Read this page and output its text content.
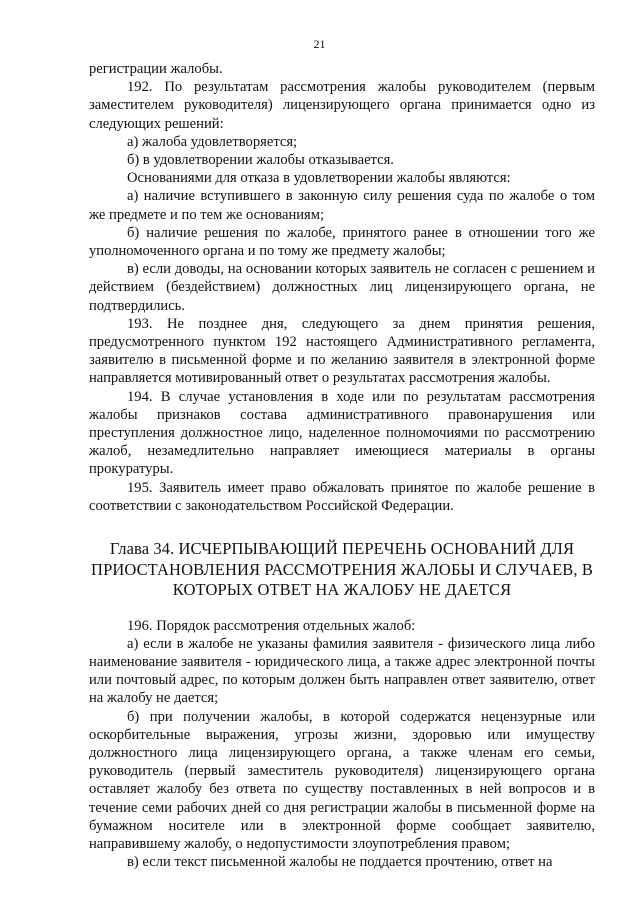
21

регистрации жалобы.

192. По результатам рассмотрения жалобы руководителем (первым заместителем руководителя) лицензирующего органа принимается одно из следующих решений:

а) жалоба удовлетворяется;

б) в удовлетворении жалобы отказывается.

Основаниями для отказа в удовлетворении жалобы являются:

а) наличие вступившего в законную силу решения суда по жалобе о том же предмете и по тем же основаниям;

б) наличие решения по жалобе, принятого ранее в отношении того же уполномоченного органа и по тому же предмету жалобы;

в) если доводы, на основании которых заявитель не согласен с решением и действием (бездействием) должностных лиц лицензирующего органа, не подтвердились.

193. Не позднее дня, следующего за днем принятия решения, предусмотренного пунктом 192 настоящего Административного регламента, заявителю в письменной форме и по желанию заявителя в электронной форме направляется мотивированный ответ о результатах рассмотрения жалобы.

194. В случае установления в ходе или по результатам рассмотрения жалобы признаков состава административного правонарушения или преступления должностное лицо, наделенное полномочиями по рассмотрению жалоб, незамедлительно направляет имеющиеся материалы в органы прокуратуры.

195. Заявитель имеет право обжаловать принятое по жалобе решение в соответствии с законодательством Российской Федерации.

Глава 34. ИСЧЕРПЫВАЮЩИЙ ПЕРЕЧЕНЬ ОСНОВАНИЙ ДЛЯ
ПРИОСТАНОВЛЕНИЯ РАССМОТРЕНИЯ ЖАЛОБЫ И СЛУЧАЕВ, В
КОТОРЫХ ОТВЕТ НА ЖАЛОБУ НЕ ДАЕТСЯ

196. Порядок рассмотрения отдельных жалоб:

а) если в жалобе не указаны фамилия заявителя - физического лица либо наименование заявителя - юридического лица, а также адрес электронной почты или почтовый адрес, по которым должен быть направлен ответ заявителю, ответ на жалобу не дается;

б) при получении жалобы, в которой содержатся нецензурные или оскорбительные выражения, угрозы жизни, здоровью или имуществу должностного лица лицензирующего органа, а также членам его семьи, руководитель (первый заместитель руководителя) лицензирующего органа оставляет жалобу без ответа по существу поставленных в ней вопросов и в течение семи рабочих дней со дня регистрации жалобы в письменной форме на бумажном носителе или в электронной форме сообщает заявителю, направившему жалобу, о недопустимости злоупотребления правом;

в) если текст письменной жалобы не поддается прочтению, ответ на
